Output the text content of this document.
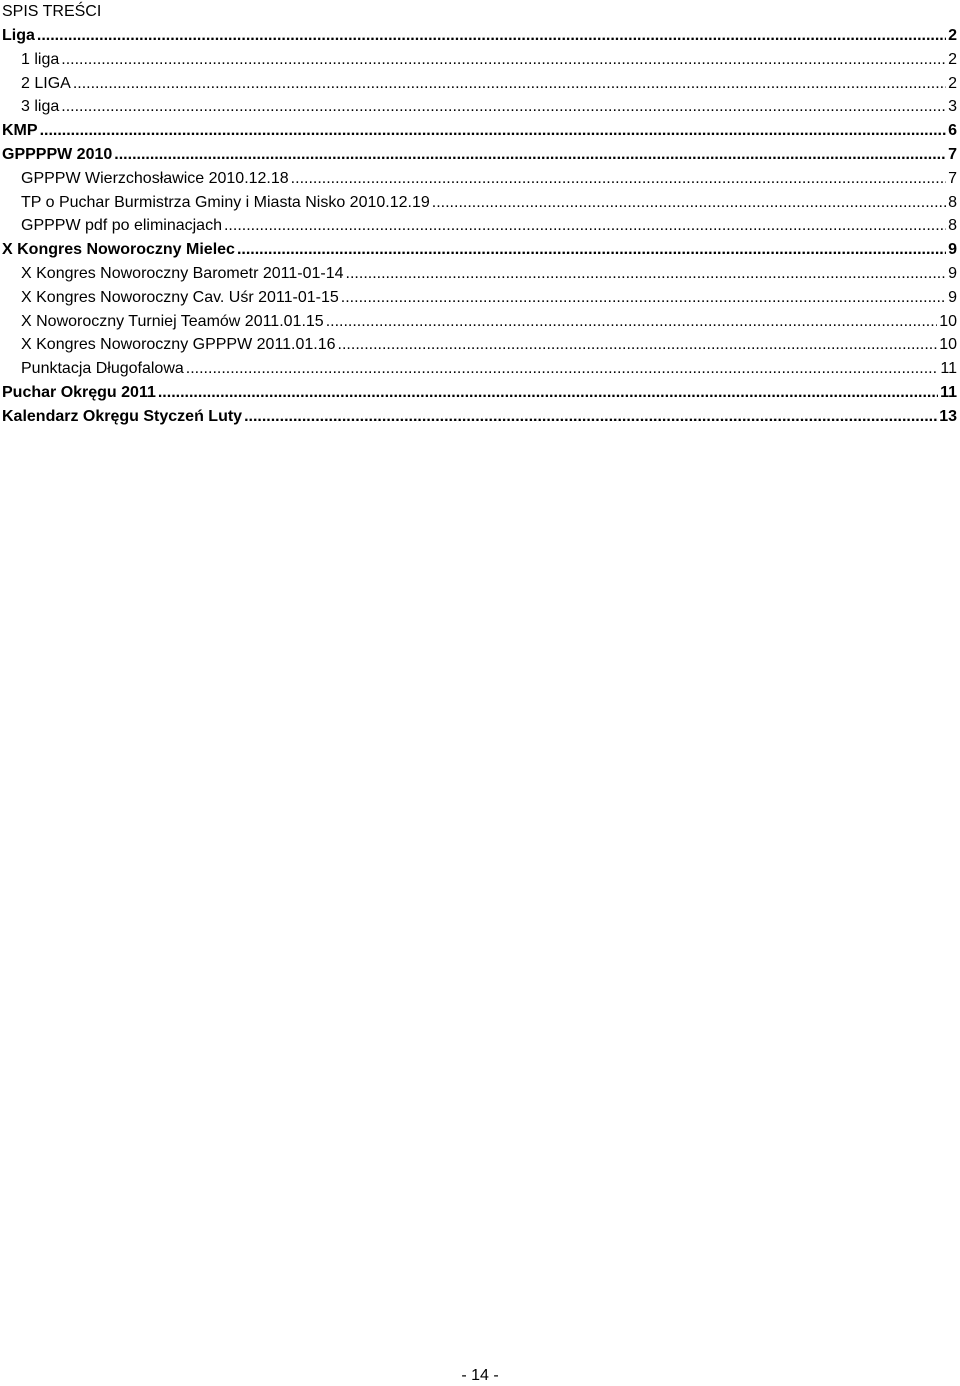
SPIS TREŚCI
Liga .....	2
1 liga .....	2
2 LIGA .....	2
3 liga .....	3
KMP .....	6
GPPPPW 2010 .....	7
GPPPW Wierzchosławice 2010.12.18 .....	7
TP o Puchar Burmistrza Gminy i Miasta Nisko 2010.12.19 .....	8
GPPPW pdf po eliminacjach .....	8
X Kongres Noworoczny Mielec .....	9
X Kongres Noworoczny Barometr 2011-01-14 .....	9
X Kongres Noworoczny Cav. Uśr 2011-01-15 .....	9
X Noworoczny Turniej Teamów 2011.01.15 .....	10
X Kongres Noworoczny GPPPW 2011.01.16 .....	10
Punktacja Długofalowa .....	11
Puchar Okręgu 2011 .....	11
Kalendarz Okręgu Styczeń Luty .....	13
- 14 -
